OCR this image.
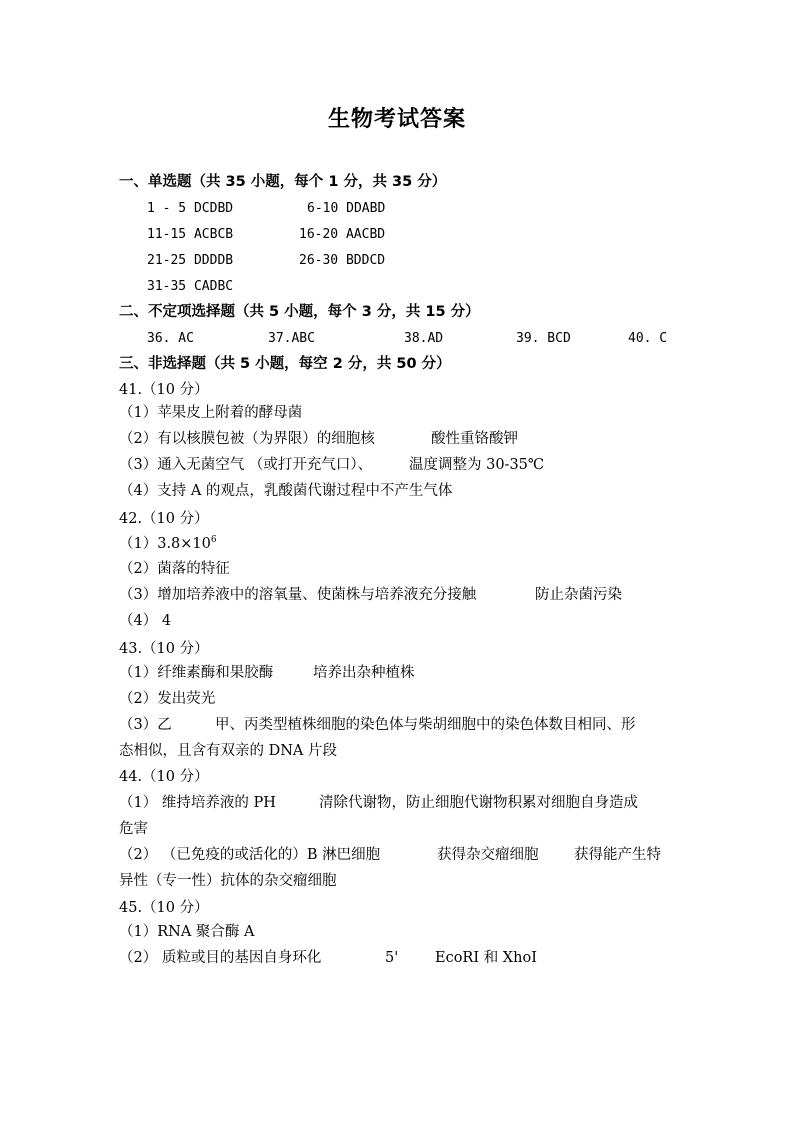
生物考试答案
一、单选题（共 35 小题，每个 1 分，共 35 分）
1 - 5 DCDBD	6-10 DDABD
11-15 ACBCB	16-20 AACBD
21-25 DDDDB	26-30 BDDCD
31-35 CADBC
二、不定项选择题（共 5 小题，每个 3 分，共 15 分）
36. AC	37.ABC	38.AD	39. BCD	40. C
三、非选择题（共 5 小题，每空 2 分，共 50 分）
41.（10 分）
（1）苹果皮上附着的酵母菌
（2）有以核膜包被（为界限）的细胞核	酸性重铬酸钾
（3）通入无菌空气 （或打开充气口）、	温度调整为 30-35℃
（4）支持 A 的观点，乳酸菌代谢过程中不产生气体
42.（10 分）
$(1)3.8\times 10^6$
（2）菌落的特征
（3）增加培养液中的溶氧量、使菌株与培养液充分接触	防止杂菌污染
（4） 4
43.（10 分）
（1）纤维素酶和果胶酶	培养出杂种植株
（2）发出荧光
（3）乙	甲、丙类型植株细胞的染色体与柴胡细胞中的染色体数目相同、形
态相似，且含有双亲的 DNA 片段
44.（10 分）
（1） 维持培养液的 PH	清除代谢物，防止细胞代谢物积累对细胞自身造成
危害
（2） （已免疫的或活化的）B 淋巴细胞	获得杂交瘤细胞 获得能产生特
异性（专一性）抗体的杂交瘤细胞
45.（10 分）
（1）RNA 聚合酶 A
（2） 质粒或目的基因自身环化	5'	EcoRI 和 XhoI
